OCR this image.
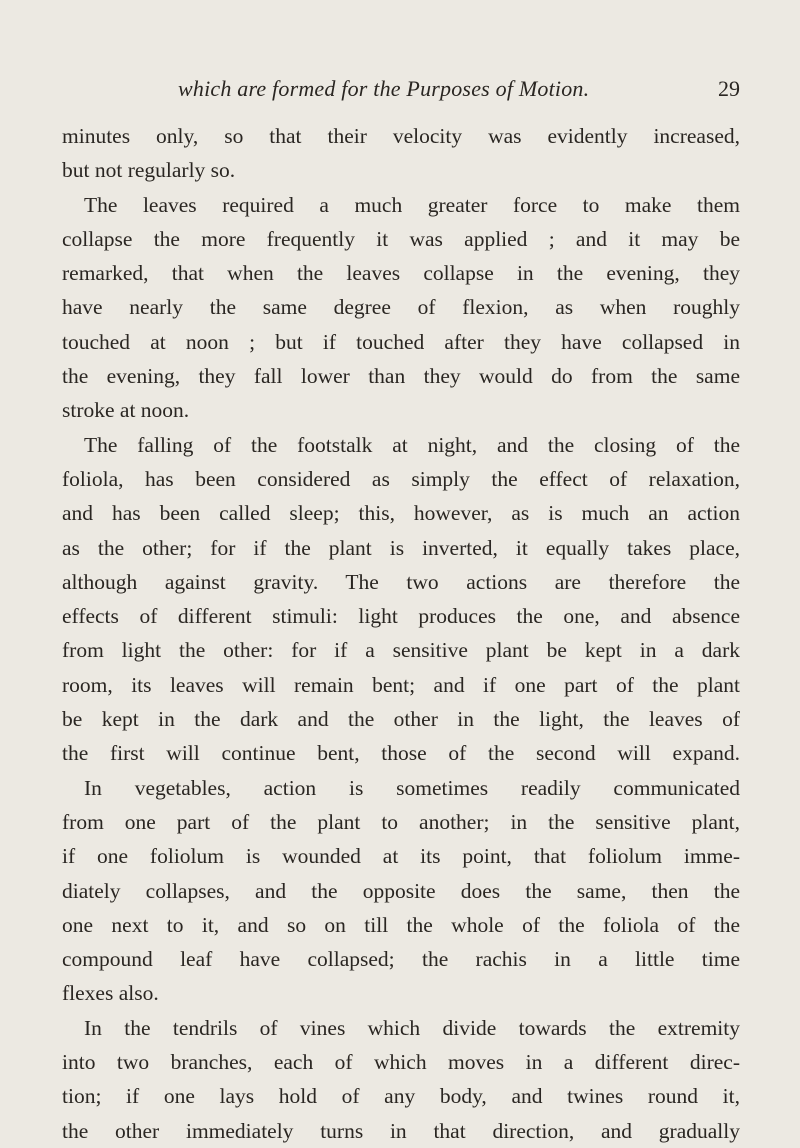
which are formed for the Purposes of Motion.	29
minutes only, so that their velocity was evidently increased,
but not regularly so.
The leaves required a much greater force to make them
collapse the more frequently it was applied ; and it may be
remarked, that when the leaves collapse in the evening, they
have nearly the same degree of flexion, as when roughly
touched at noon ; but if touched after they have collapsed in
the evening, they fall lower than they would do from the same
stroke at noon.
The falling of the footstalk at night, and the closing of the
foliola, has been considered as simply the effect of relaxation,
and has been called sleep; this, however, as is much an action
as the other; for if the plant is inverted, it equally takes place,
although against gravity. The two actions are therefore the
effects of different stimuli: light produces the one, and absence
from light the other: for if a sensitive plant be kept in a dark
room, its leaves will remain bent; and if one part of the plant
be kept in the dark and the other in the light, the leaves of
the first will continue bent, those of the second will expand.
In vegetables, action is sometimes readily communicated
from one part of the plant to another; in the sensitive plant,
if one foliolum is wounded at its point, that foliolum imme-
diately collapses, and the opposite does the same, then the
one next to it, and so on till the whole of the foliola of the
compound leaf have collapsed; the rachis in a little time
flexes also.
In the tendrils of vines which divide towards the extremity
into two branches, each of which moves in a different direc-
tion; if one lays hold of any body, and twines round it,
the other immediately turns in that direction, and gradually
